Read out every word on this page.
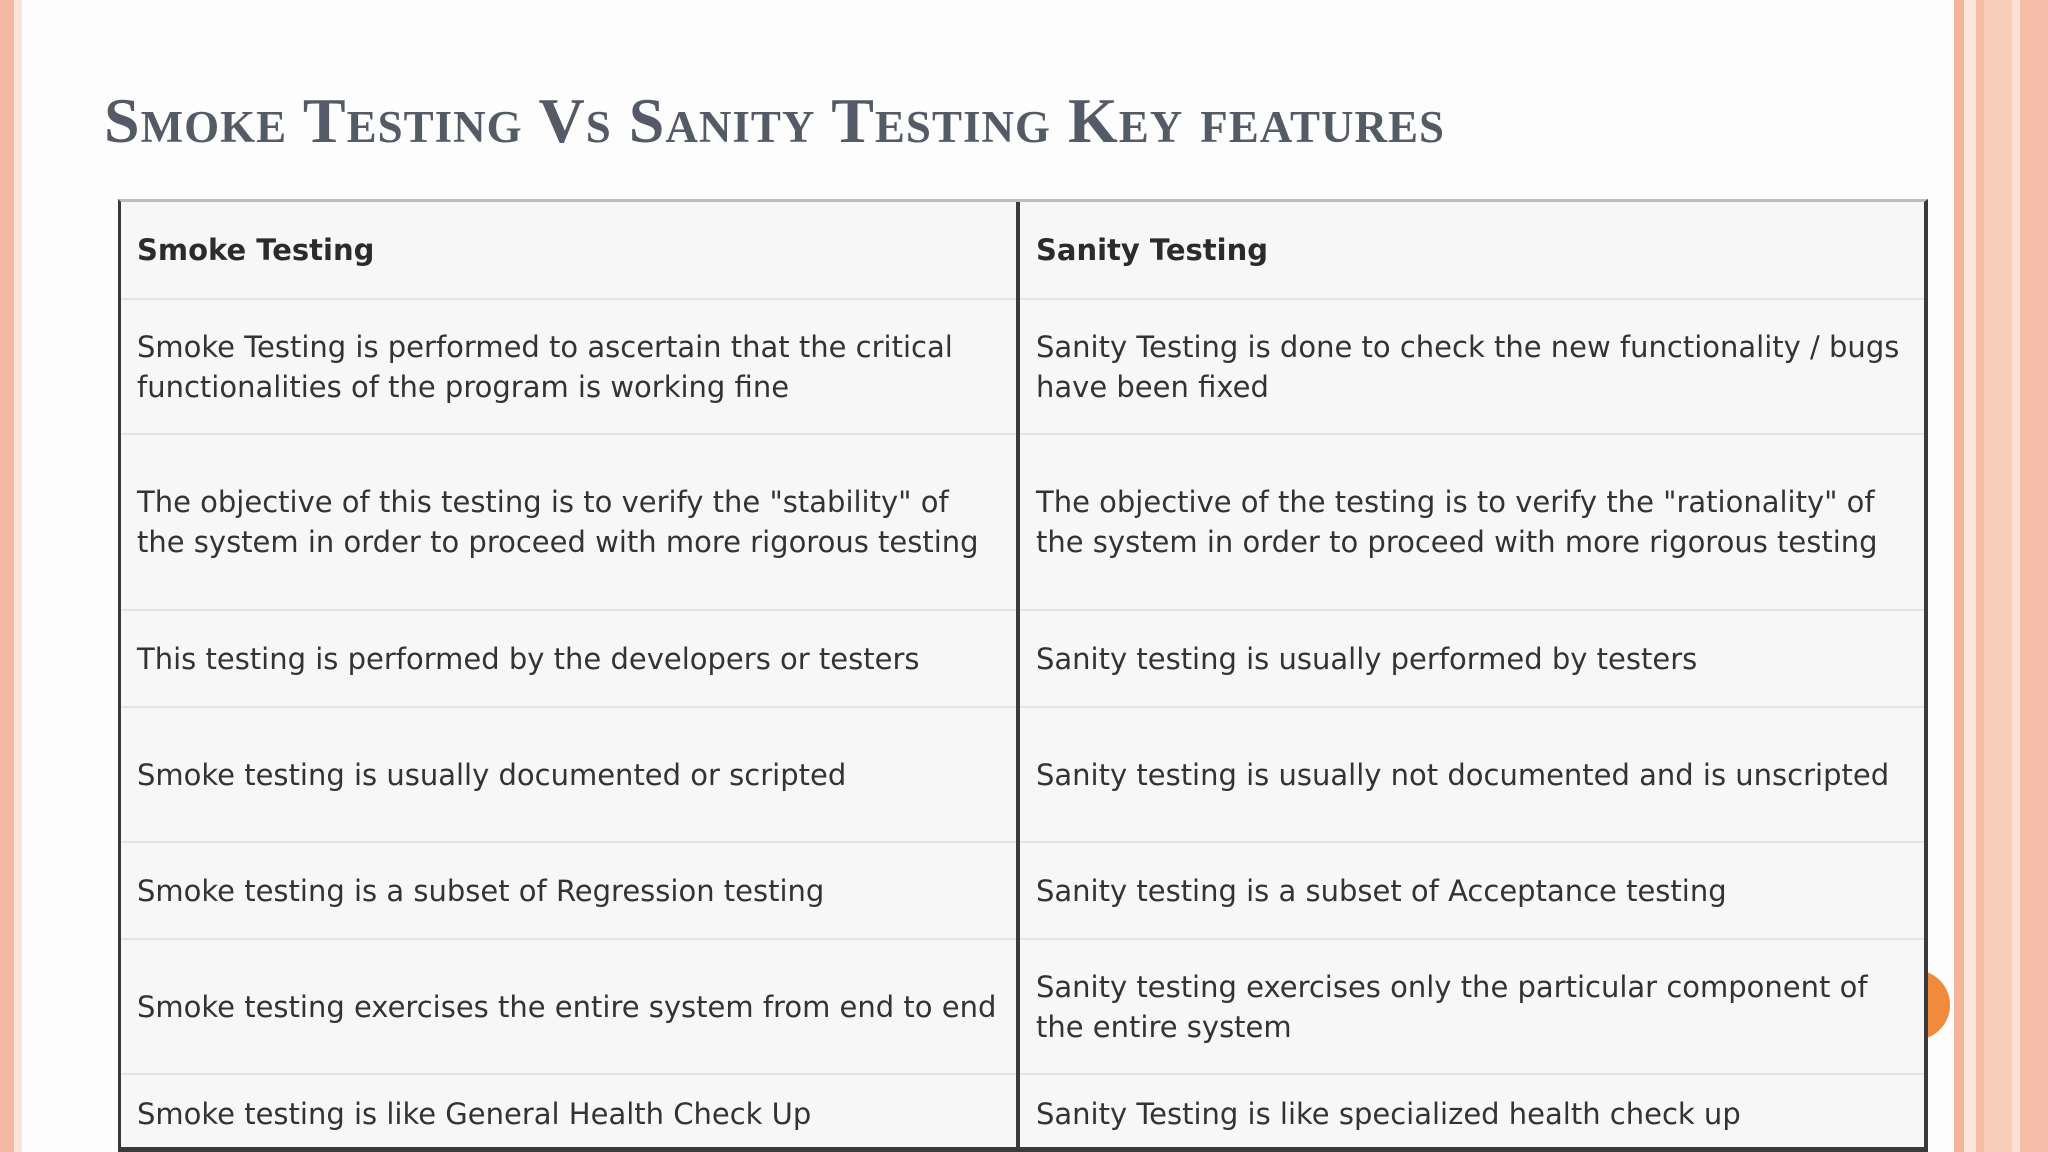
Smoke Testing Vs Sanity Testing Key features
Smoke Testing	Sanity Testing
Smoke Testing is performed to ascertain that the critical functionalities of the program is working fine	Sanity Testing is done to check the new functionality / bugs have been fixed
The objective of this testing is to verify the "stability" of the system in order to proceed with more rigorous testing	The objective of the testing is to verify the "rationality" of the system in order to proceed with more rigorous testing
This testing is performed by the developers or testers	Sanity testing is usually performed by testers
Smoke testing is usually documented or scripted	Sanity testing is usually not documented and is unscripted
Smoke testing is a subset of Regression testing	Sanity testing is a subset of Acceptance testing
Smoke testing exercises the entire system from end to end	Sanity testing exercises only the particular component of the entire system
Smoke testing is like General Health Check Up	Sanity Testing is like specialized health check up
